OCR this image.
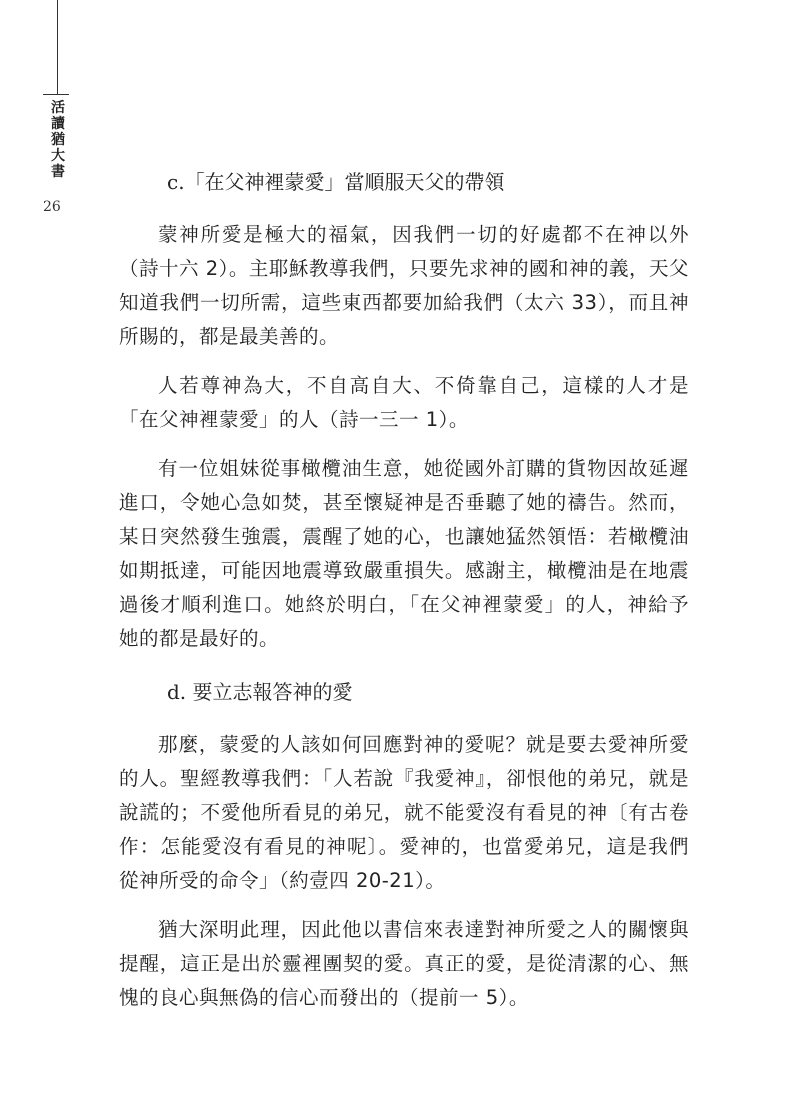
活讀猶大書
26
c.「在父神裡蒙愛」當順服天父的帶領

蒙神所愛是極大的福氣，因我們一切的好處都不在神以外（詩十六 2）。主耶穌教導我們，只要先求神的國和神的義，天父知道我們一切所需，這些東西都要加給我們（太六 33），而且神所賜的，都是最美善的。

人若尊神為大，不自高自大、不倚靠自己，這樣的人才是「在父神裡蒙愛」的人（詩一三一 1）。

有一位姐妹從事橄欖油生意，她從國外訂購的貨物因故延遲進口，令她心急如焚，甚至懷疑神是否垂聽了她的禱告。然而，某日突然發生強震，震醒了她的心，也讓她猛然領悟：若橄欖油如期抵達，可能因地震導致嚴重損失。感謝主，橄欖油是在地震過後才順利進口。她終於明白，「在父神裡蒙愛」的人，神給予她的都是最好的。

d. 要立志報答神的愛

那麼，蒙愛的人該如何回應對神的愛呢？就是要去愛神所愛的人。聖經教導我們：「人若說『我愛神』，卻恨他的弟兄，就是說謊的；不愛他所看見的弟兄，就不能愛沒有看見的神〔有古卷作：怎能愛沒有看見的神呢〕。愛神的，也當愛弟兄，這是我們從神所受的命令」（約壹四 20-21）。

猶大深明此理，因此他以書信來表達對神所愛之人的關懷與提醒，這正是出於靈裡團契的愛。真正的愛，是從清潔的心、無愧的良心與無偽的信心而發出的（提前一 5）。
